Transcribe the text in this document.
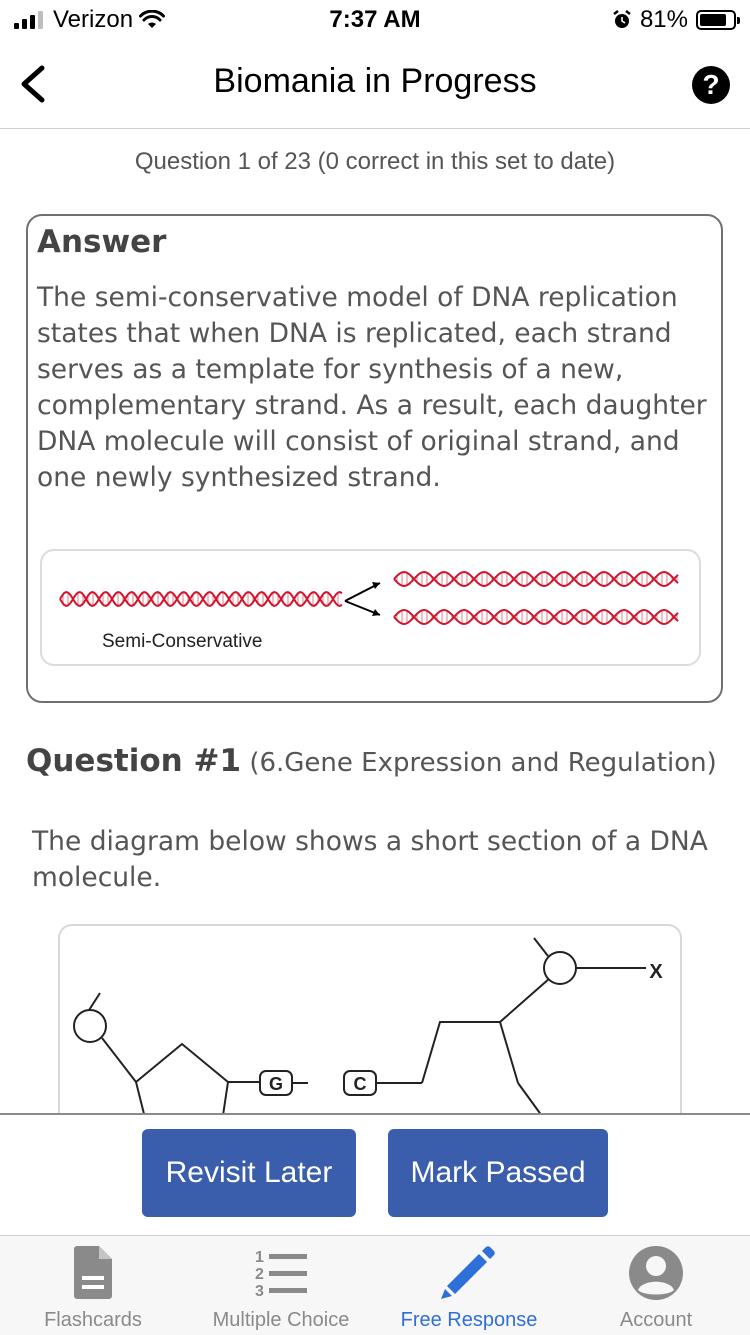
Verizon	7:37 AM	81%
Biomania in Progress	?
Question 1 of 23 (0 correct in this set to date)
Answer
The semi-conservative model of DNA replication states that when DNA is replicated, each strand serves as a template for synthesis of a new, complementary strand. As a result, each daughter DNA molecule will consist of original strand, and one newly synthesized strand.
Semi-Conservative
Question #1 (6.Gene Expression and Regulation)
The diagram below shows a short section of a DNA molecule.
G	C
X
Revisit Later	Mark Passed
Flashcards
1
2
3
Multiple Choice	Free Response	Account
